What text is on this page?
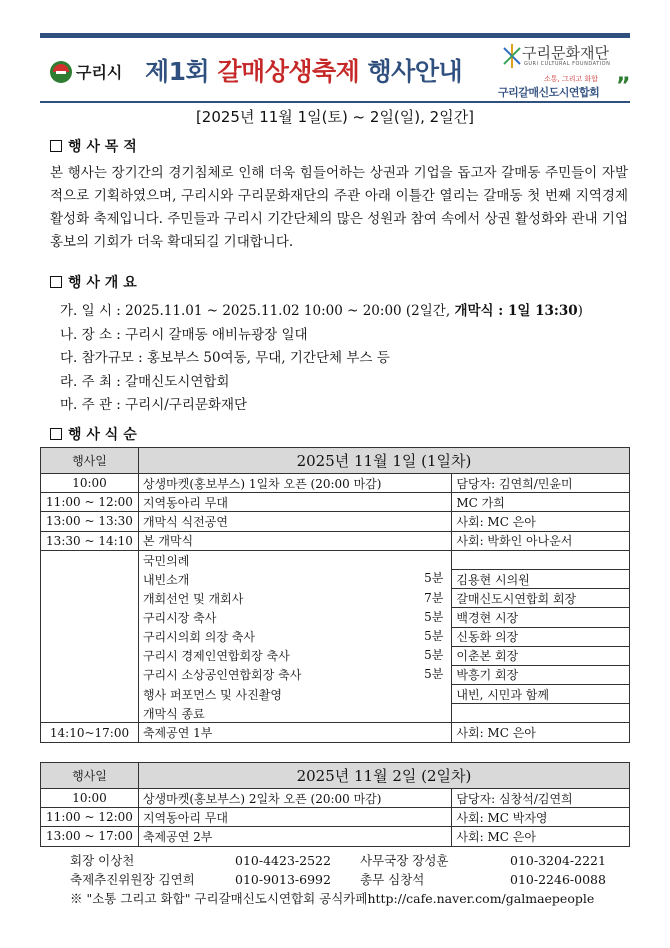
구리시 제1회 갈매상생축제 행사안내
구리문화재단
GURI CULTURAL FOUNDATION
소통, 그리고 화합
구리갈매신도시연합회 ”
[2025년 11월 1일(토) ~ 2일(일), 2일간]
행 사 목 적
본 행사는 장기간의 경기침체로 인해 더욱 힘들어하는 상권과 기업을 돕고자 갈매동 주민들이 자발적으로 기획하였으며, 구리시와 구리문화재단의 주관 아래 이틀간 열리는 갈매동 첫 번째 지역경제 활성화 축제입니다. 주민들과 구리시 기간단체의 많은 성원과 참여 속에서 상권 활성화와 관내 기업 홍보의 기회가 더욱 확대되길 기대합니다.
행 사 개 요
가. 일 시 : 2025.11.01 ~ 2025.11.02 10:00 ~ 20:00 (2일간, 개막식 : 1일 13:30)
나. 장 소 : 구리시 갈매동 애비뉴광장 일대
다. 참가규모 : 홍보부스 50여동, 무대, 기간단체 부스 등
라. 주 최 : 갈매신도시연합회
마. 주 관 : 구리시/구리문화재단
행 사 식 순
행사일	2025년 11월 1일 (1일차)	
10:00	상생마켓(홍보부스) 1일차 오픈 (20:00 마감)	담당자: 김연희/민윤미
11:00 ~ 12:00	지역동아리 무대	MC 가희
13:00 ~ 13:30	개막식 식전공연	사회: MC 은아
13:30 ~ 14:10	본 개막식	사회: 박화인 아나운서
	국민의례	
	내빈소개 5분	김용현 시의원
	개회선언 및 개회사 7분	갈매신도시연합회 회장
	구리시장 축사 5분	백경현 시장
	구리시의회 의장 축사 5분	신동화 의장
	구리시 경제인연합회장 축사 5분	이춘본 회장
	구리시 소상공인연합회장 축사 5분	박흥기 회장
	행사 퍼포먼스 및 사진촬영	내빈, 시민과 함께
	개막식 종료	
14:10~17:00	축제공연 1부	사회: MC 은아
행사일	2025년 11월 2일 (2일차)	
10:00	상생마켓(홍보부스) 2일차 오픈 (20:00 마감)	담당자: 심창석/김연희
11:00 ~ 12:00	지역동아리 무대	사회: MC 박자영
13:00 ~ 17:00	축제공연 2부	사회: MC 은아
회장 이상천	010-4423-2522	사무국장 장성훈	010-3204-2221
축제추진위원장 김연희	010-9013-6992	총무 심창석	010-2246-0088
※ "소통 그리고 화합" 구리갈매신도시연합회 공식카페 http://cafe.naver.com/galmaepeople
